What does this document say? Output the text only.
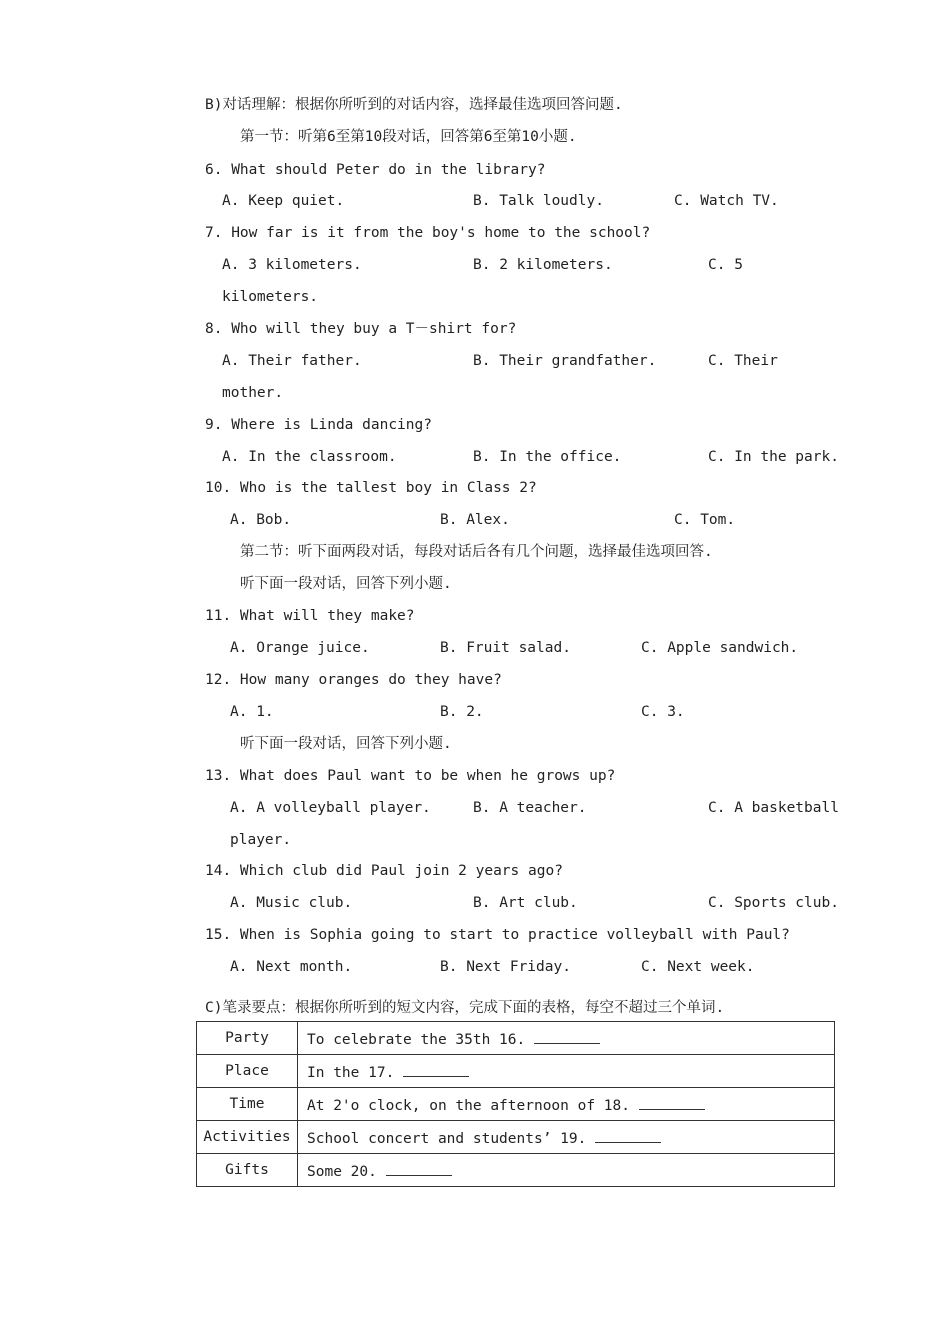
B)对话理解：根据你所听到的对话内容，选择最佳选项回答问题.
第一节：听第6至第10段对话，回答第6至第10小题.
6. What should Peter do in the library?
A. Keep quiet.	B. Talk loudly.	C. Watch TV.
7. How far is it from the boy's home to the school?
A. 3 kilometers.	B. 2 kilometers.	C. 5
kilometers.
8. Who will they buy a T－shirt for?
A. Their father.	B. Their grandfather.	C. Their
mother.
9. Where is Linda dancing?
A. In the classroom.	B. In the office.	C. In the park.
10. Who is the tallest boy in Class 2?
A. Bob.	B. Alex.	C. Tom.
第二节：听下面两段对话，每段对话后各有几个问题，选择最佳选项回答.
听下面一段对话，回答下列小题.
11. What will they make?
A. Orange juice.	B. Fruit salad.	C. Apple sandwich.
12. How many oranges do they have?
A. 1.	B. 2.	C. 3.
听下面一段对话，回答下列小题.
13. What does Paul want to be when he grows up?
A. A volleyball player.	B. A teacher.	C. A basketball
player.
14. Which club did Paul join 2 years ago?
A. Music club.	B. Art club.	C. Sports club.
15. When is Sophia going to start to practice volleyball with Paul?
A. Next month.	B. Next Friday.	C. Next week.
C)笔录要点：根据你所听到的短文内容，完成下面的表格，每空不超过三个单词.
Party	To celebrate the 35th 16.
Place	In the 17.
Time	At 2'o clock, on the afternoon of 18.
Activities	School concert and students’ 19.
Gifts	Some 20.
